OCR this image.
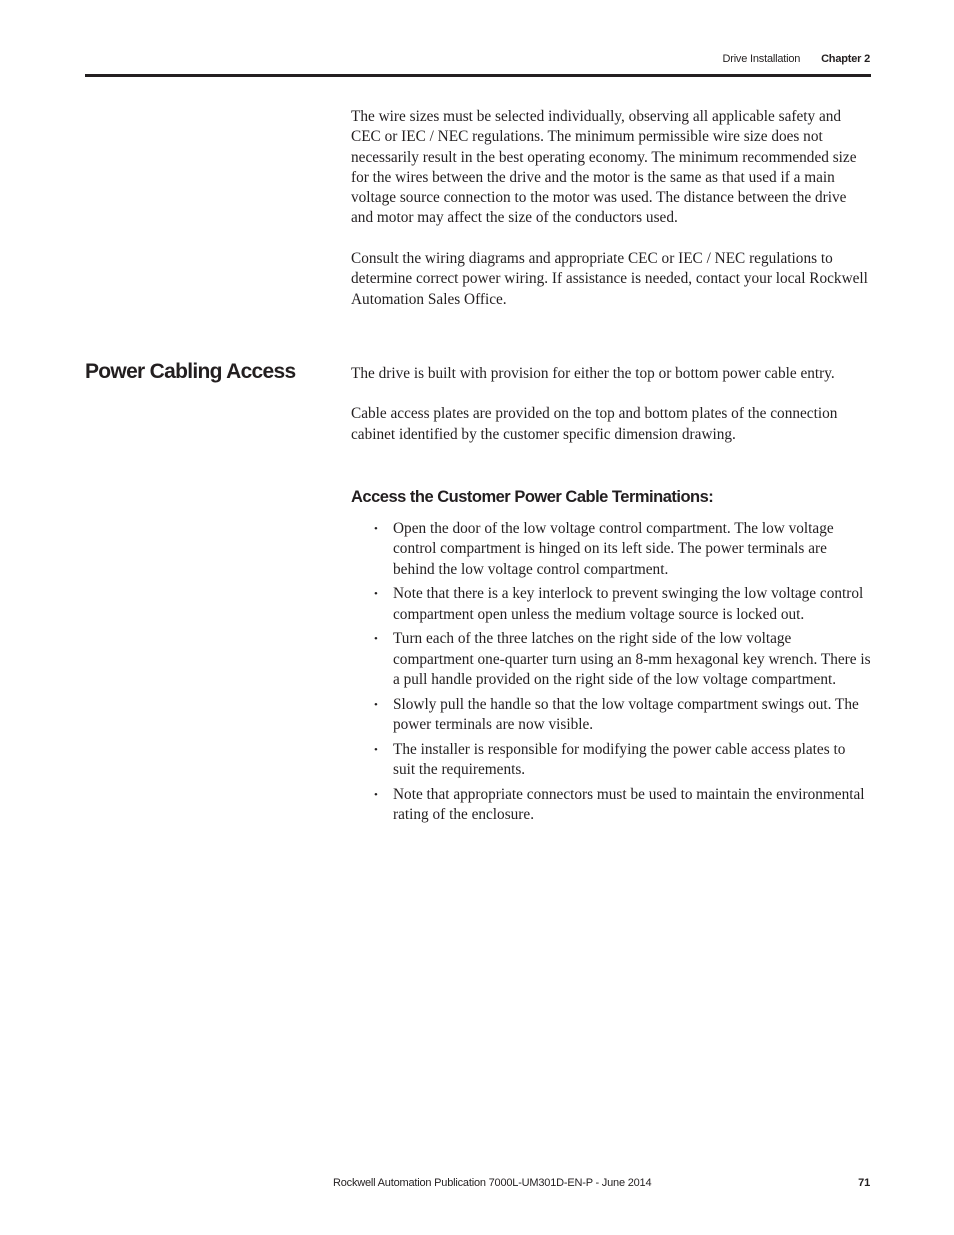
Drive Installation Chapter 2

The wire sizes must be selected individually, observing all applicable safety and CEC or IEC / NEC regulations. The minimum permissible wire size does not necessarily result in the best operating economy. The minimum recommended size for the wires between the drive and the motor is the same as that used if a main voltage source connection to the motor was used. The distance between the drive and motor may affect the size of the conductors used.

Consult the wiring diagrams and appropriate CEC or IEC / NEC regulations to determine correct power wiring. If assistance is needed, contact your local Rockwell Automation Sales Office.

Power Cabling Access	The drive is built with provision for either the top or bottom power cable entry.

Cable access plates are provided on the top and bottom plates of the connection cabinet identified by the customer specific dimension drawing.

Access the Customer Power Cable Terminations:
• Open the door of the low voltage control compartment. The low voltage control compartment is hinged on its left side. The power terminals are behind the low voltage control compartment.
• Note that there is a key interlock to prevent swinging the low voltage control compartment open unless the medium voltage source is locked out.
• Turn each of the three latches on the right side of the low voltage compartment one-quarter turn using an 8-mm hexagonal key wrench. There is a pull handle provided on the right side of the low voltage compartment.
• Slowly pull the handle so that the low voltage compartment swings out. The power terminals are now visible.
• The installer is responsible for modifying the power cable access plates to suit the requirements.
• Note that appropriate connectors must be used to maintain the environmental rating of the enclosure.
Rockwell Automation Publication 7000L-UM301D-EN-P - June 2014	71
